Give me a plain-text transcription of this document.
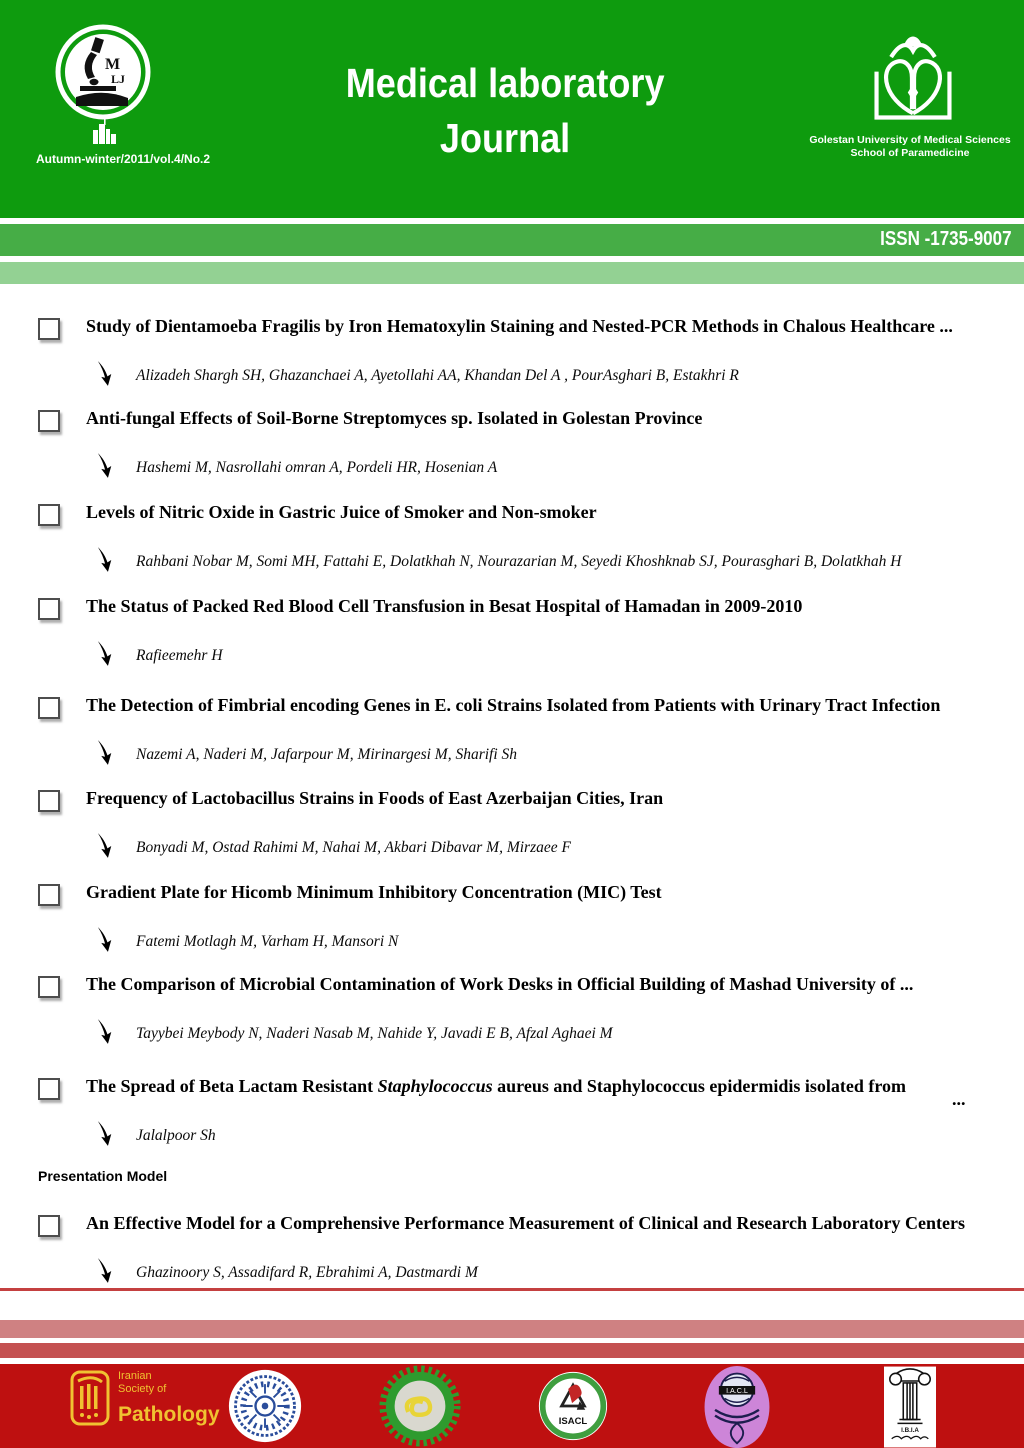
M
LJ
Autumn-winter/2011/vol.4/No.2
Medical laboratory
Journal	Golestan University of Medical Sciences
School of Paramedicine
ISSN -1735-9007
Study of Dientamoeba Fragilis by Iron Hematoxylin Staining and Nested-PCR Methods in Chalous Healthcare ...
Alizadeh Shargh SH, Ghazanchaei A, Ayetollahi AA, Khandan Del A , PourAsghari B, Estakhri R
Anti-fungal Effects of Soil-Borne Streptomyces sp. Isolated in Golestan Province
Hashemi M, Nasrollahi omran A, Pordeli HR, Hosenian A
Levels of Nitric Oxide in Gastric Juice of Smoker and Non-smoker
Rahbani Nobar M, Somi MH, Fattahi E, Dolatkhah N, Nourazarian M, Seyedi Khoshknab SJ, Pourasghari B, Dolatkhah H
The Status of Packed Red Blood Cell Transfusion in Besat Hospital of Hamadan in 2009-2010
Rafieemehr H
The Detection of Fimbrial encoding Genes in E. coli Strains Isolated from Patients with Urinary Tract Infection
Nazemi A, Naderi M, Jafarpour M, Mirinargesi M, Sharifi Sh
Frequency of Lactobacillus Strains in Foods of East Azerbaijan Cities, Iran
Bonyadi M, Ostad Rahimi M, Nahai M, Akbari Dibavar M, Mirzaee F
Gradient Plate for Hicomb Minimum Inhibitory Concentration (MIC) Test
Fatemi Motlagh M, Varham H, Mansori N
The Comparison of Microbial Contamination of Work Desks in Official Building of Mashad University of ...
Tayybei Meybody N, Naderi Nasab M, Nahide Y, Javadi E B, Afzal Aghaei M
The Spread of Beta Lactam Resistant Staphylococcus aureus and Staphylococcus epidermidis isolated from
Jalalpoor Sh
...
An Effective Model for a Comprehensive Performance Measurement of Clinical and Research Laboratory Centers
Ghazinoory S, Assadifard R, Ebrahimi A, Dastmardi M
Presentation Model
Iranian
Society of
Pathology	ISACL
I.A.C.L
I.B.I.A
